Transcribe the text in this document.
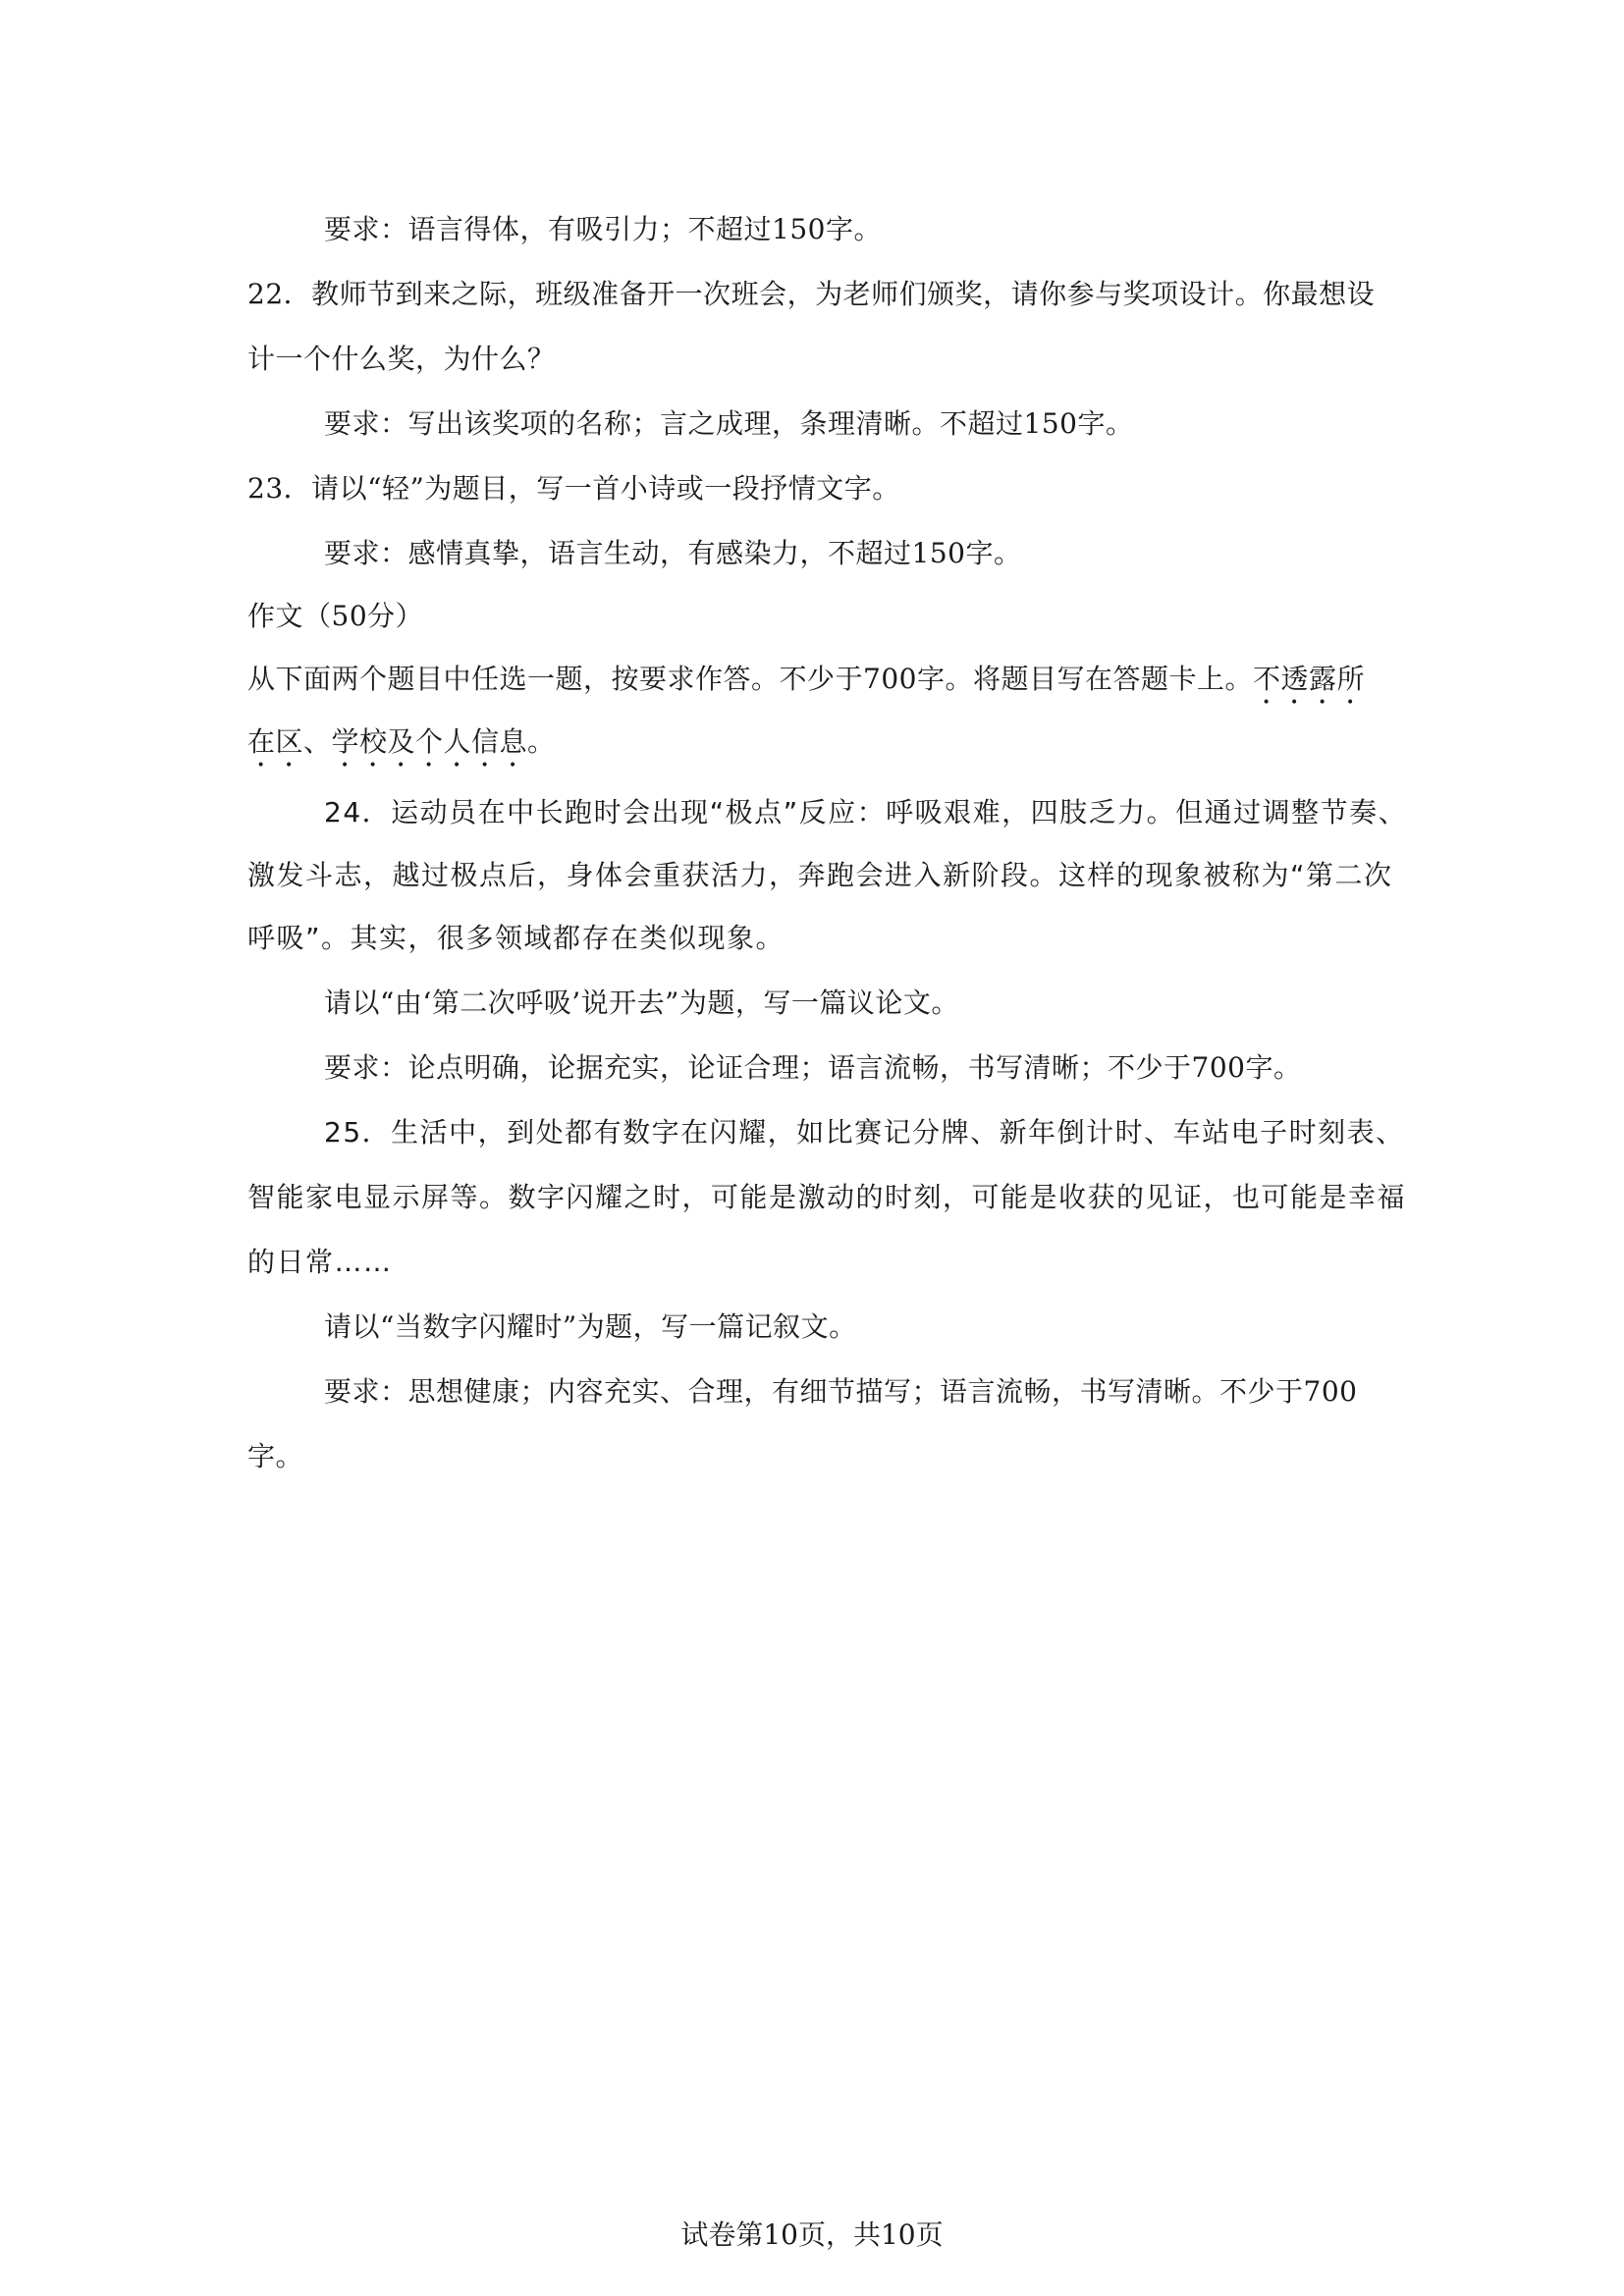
要求：语言得体，有吸引力；不超过150字。
22．教师节到来之际，班级准备开一次班会，为老师们颁奖，请你参与奖项设计。你最想设
计一个什么奖，为什么？
要求：写出该奖项的名称；言之成理，条理清晰。不超过150字。
23．请以“轻”为题目，写一首小诗或一段抒情文字。
要求：感情真挚，语言生动，有感染力，不超过150字。
作文（50分）
从下面两个题目中任选一题，按要求作答。不少于700字。将题目写在答题卡上。不透露所
在区、学校及个人信息。
24．运动员在中长跑时会出现“极点”反应：呼吸艰难，四肢乏力。但通过调整节奏、
激发斗志，越过极点后，身体会重获活力，奔跑会进入新阶段。这样的现象被称为“第二次
呼吸”。其实，很多领域都存在类似现象。
请以“由‘第二次呼吸’说开去”为题，写一篇议论文。
要求：论点明确，论据充实，论证合理；语言流畅，书写清晰；不少于700字。
25．生活中，到处都有数字在闪耀，如比赛记分牌、新年倒计时、车站电子时刻表、
智能家电显示屏等。数字闪耀之时，可能是激动的时刻，可能是收获的见证，也可能是幸福
的日常……
请以“当数字闪耀时”为题，写一篇记叙文。
要求：思想健康；内容充实、合理，有细节描写；语言流畅，书写清晰。不少于700
字。
试卷第10页，共10页
